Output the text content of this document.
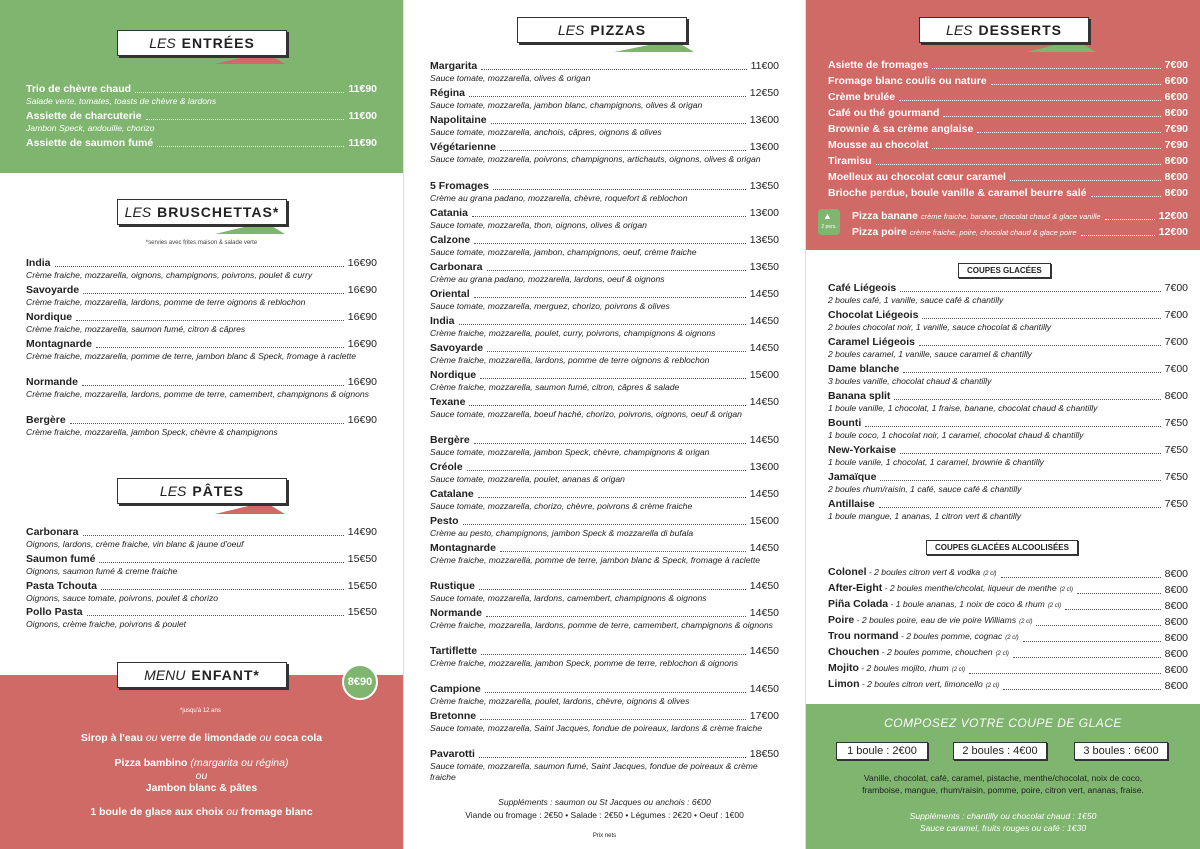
LES ENTRÉES
Trio de chèvre chaud	11€90
Salade verte, tomates, toasts de chèvre & lardons
Assiette de charcuterie	11€00
Jambon Speck, andouille, chorizo
Assiette de saumon fumé	11€90
LES BRUSCHETTAS*
*servies avec frites maison & salade verte
India	16€90
Crème fraiche, mozzarella, oignons, champignons, poivrons, poulet & curry
Savoyarde	16€90
Crème fraiche, mozzarella, lardons, pomme de terre oignons & reblochon
Nordique	16€90
Crème fraiche, mozzarella, saumon fumé, citron & câpres
Montagnarde	16€90
Crème fraiche, mozzarella, pomme de terre, jambon blanc & Speck, fromage à raclette
Normande	16€90
Crème fraiche, mozzarella, lardons, pomme de terre, camembert, champignons & oignons
Bergère	16€90
Crème fraiche, mozzarella, jambon Speck, chèvre & champignons
LES PÂTES
Carbonara	14€90
Oignons, lardons, crème fraiche, vin blanc & jaune d'oeuf
Saumon fumé	15€50
Oignons, saumon fumé & creme fraiche
Pasta Tchouta	15€50
Oignons, sauce tomate, poivrons, poulet & chorizo
Pollo Pasta	15€50
Oignons, crème fraiche, poivrons & poulet
MENU ENFANT*	8€90
*jusqu'à 12 ans
Sirop à l'eau ou verre de limondade ou coca cola
Pizza bambino (margarita ou régina)
ou
Jambon blanc & pâtes
1 boule de glace aux choix ou fromage blanc
LES PIZZAS
Margarita	11€00
Sauce tomate, mozzarella, olives & origan
Régina	12€50
Sauce tomate, mozzarella, jambon blanc, champignons, olives & origan
Napolitaine	13€00
Sauce tomate, mozzarella, anchois, câpres, oignons & olives
Végétarienne	13€00
Sauce tomate, mozzarella, poivrons, champignons, artichauts, oignons, olives & origan
5 Fromages	13€50
Crème au grana padano, mozzarella, chèvre, roquefort & reblochon
Catania	13€00
Sauce tomate, mozzarella, thon, oignons, olives & origan
Calzone	13€50
Sauce tomate, mozzarella, jambon, champignons, oeuf, crème fraiche
Carbonara	13€50
Crème au grana padano, mozzarella, lardons, oeuf & oignons
Oriental	14€50
Sauce tomate, mozzarella, merguez, chorizo, poivrons & olives
India	14€50
Crème fraiche, mozzarella, poulet, curry, poivrons, champignons & oignons
Savoyarde	14€50
Crème fraiche, mozzarella, lardons, pomme de terre oignons & reblochon
Nordique	15€00
Crème fraiche, mozzarella, saumon fumé, citron, câpres & salade
Texane	14€50
Sauce tomate, mozzarella, boeuf haché, chorizo, poivrons, oignons, oeuf & origan
Bergère	14€50
Sauce tomate, mozzarella, jambon Speck, chèvre, champignons & origan
Créole	13€00
Sauce tomate, mozzarella, poulet, ananas & origan
Catalane	14€50
Sauce tomate, mozzarella, chorizo, chèvre, poivrons & crème fraiche
Pesto	15€00
Crème au pesto, champignons, jambon Speck & mozzarella di bufala
Montagnarde	14€50
Crème fraiche, mozzarella, pomme de terre, jambon blanc & Speck, fromage à raclette
Rustique	14€50
Sauce tomate, mozzarella, lardons, camembert, champignons & oignons
Normande	14€50
Crème fraiche, mozzarella, lardons, pomme de terre, camembert, champignons & oignons
Tartiflette	14€50
Crème fraiche, mozzarella, jambon Speck, pomme de terre, reblochon & oignons
Campione	14€50
Crème fraiche, mozzarella, poulet, lardons, chèvre, oignons & olives
Bretonne	17€00
Sauce tomate, mozzarella, Saint Jacques, fondue de poireaux, lardons & crème fraiche
Pavarotti	18€50
Sauce tomate, mozzarella, saumon fumé, Saint Jacques, fondue de poireaux & crème fraiche
Suppléments : saumon ou St Jacques ou anchois : 6€00
Viande ou fromage : 2€50 • Salade : 2€50 • Légumes : 2€20 • Oeuf : 1€00
Prix nets
LES DESSERTS
Asiette de fromages	7€00
Fromage blanc coulis ou nature	6€00
Crème brulée	6€00
Café ou thé gourmand	8€00
Brownie & sa crème anglaise	7€90
Mousse au chocolat	7€90
Tiramisu	8€00
Moelleux au chocolat cœur caramel	8€00
Brioche perdue, boule vanille & caramel beurre salé	8€00
2 pers.
▲ Pizza banane crème fraiche, banane, chocolat chaud & glace vanille	12€00
Pizza poire crème fraiche, poire, chocolat chaud & glace poire	12€00
COUPES GLACÉES
Café Liégeois	7€00
2 boules café, 1 vanille, sauce café & chantilly
Chocolat Liégeois	7€00
2 boules chocolat noir, 1 vanille, sauce chocolat & chantilly
Caramel Liégeois	7€00
2 boules caramel, 1 vanille, sauce caramel & chantilly
Dame blanche	7€00
3 boules vanille, chocolat chaud & chantilly
Banana split	8€00
1 boule vanille, 1 chocolat, 1 fraise, banane, chocolat chaud & chantilly
Bounti	7€50
1 boule coco, 1 chocolat noir, 1 caramel, chocolat chaud & chantilly
New-Yorkaise	7€50
1 boule vanile, 1 chocolat, 1 caramel, brownie & chantilly
Jamaïque	7€50
2 boules rhum/raisin, 1 café, sauce café & chantilly
Antillaise	7€50
1 boule mangue, 1 ananas, 1 citron vert & chantilly
COUPES GLACÉES ALCOOLISÉES
Colonel - 2 boules citron vert & vodka (2 cl)	8€00
After-Eight - 2 boules menthe/chcolat, liqueur de menthe (2 cl)	8€00
Piña Colada - 1 boule ananas, 1 noix de coco & rhum (2 cl)	8€00
Poire - 2 boules poire, eau de vie poire Williams (2 cl)	8€00
Trou normand - 2 boules pomme, cognac (2 cl)	8€00
Chouchen - 2 boules pomme, chouchen (2 cl)	8€00
Mojito - 2 boules mojito, rhum (2 cl)	8€00
Limon - 2 boules citron vert, limoncello (2 cl)	8€00
COMPOSEZ VOTRE COUPE DE GLACE
1 boule : 2€00	2 boules : 4€00	3 boules : 6€00
Vanille, chocolat, café, caramel, pistache, menthe/chocolat, noix de coco,
framboise, mangue, rhum/raisin, pomme, poire, citron vert, ananas, fraise.
Suppléments : chantilly ou chocolat chaud : 1€50
Sauce caramel, fruits rouges ou café : 1€30
